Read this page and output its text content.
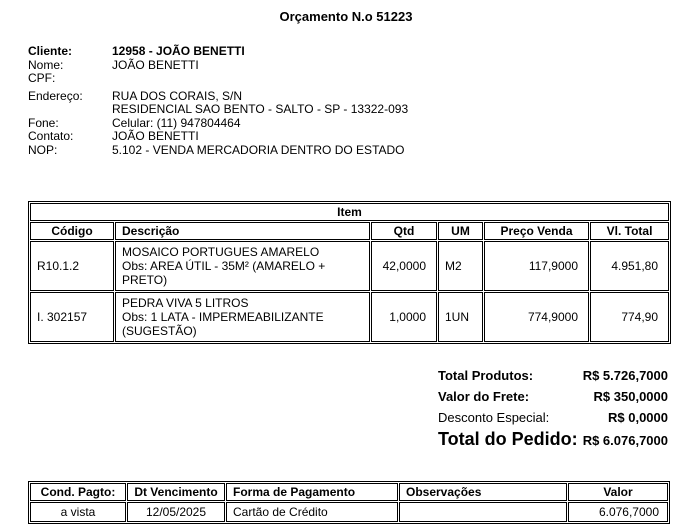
Orçamento N.o 51223
Cliente:	12958 - JOÃO BENETTI
Nome:	JOÃO BENETTI
CPF:
Endereço:	RUA DOS CORAIS, S/N
RESIDENCIAL SAO BENTO - SALTO - SP - 13322-093
Fone:	Celular: (11) 947804464
Contato:	JOÃO BENETTI
NOP:	5.102 - VENDA MERCADORIA DENTRO DO ESTADO
Item					
Código	Descrição	Qtd	UM	Preço Venda	Vl. Total
R10.1.2	MOSAICO PORTUGUES AMARELO
Obs: AREA ÚTIL - 35M² (AMARELO + PRETO)	42,0000	M2	117,9000	4.951,80
I. 302157	PEDRA VIVA 5 LITROS
Obs: 1 LATA - IMPERMEABILIZANTE (SUGESTÃO)	1,0000	1UN	774,9000	774,90
Total Produtos:	R$ 5.726,7000
Valor do Frete:	R$ 350,0000
Desconto Especial:	R$ 0,0000
Total do Pedido: R$ 6.076,7000
Cond. Pagto:	Dt Vencimento	Forma de Pagamento	Observações	Valor
a vista	12/05/2025	Cartão de Crédito		6.076,7000
